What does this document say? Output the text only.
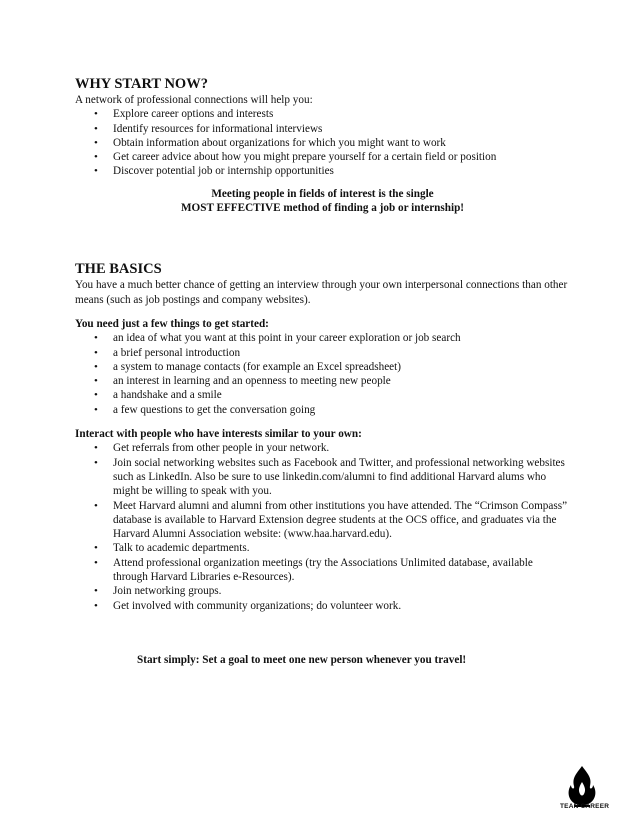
WHY START NOW?

A network of professional connections will help you:

• Explore career options and interests
• Identify resources for informational interviews
• Obtain information about organizations for which you might want to work
• Get career advice about how you might prepare yourself for a certain field or position
• Discover potential job or internship opportunities
Meeting people in fields of interest is the single
MOST EFFECTIVE method of finding a job or internship!
THE BASICS

You have a much better chance of getting an interview through your own interpersonal connections than other means (such as job postings and company websites).

You need just a few things to get started:

• an idea of what you want at this point in your career exploration or job search
• a brief personal introduction
• a system to manage contacts (for example an Excel spreadsheet)
• an interest in learning and an openness to meeting new people
• a handshake and a smile
• a few questions to get the conversation going

Interact with people who have interests similar to your own:

• Get referrals from other people in your network.
• Join social networking websites such as Facebook and Twitter, and professional networking websites such as LinkedIn. Also be sure to use linkedin.com/alumni to find additional Harvard alums who might be willing to speak with you.
• Meet Harvard alumni and alumni from other institutions you have attended. The “Crimson Compass” database is available to Harvard Extension degree students at the OCS office, and graduates via the Harvard Alumni Association website: (www.haa.harvard.edu).
• Talk to academic departments.
• Attend professional organization meetings (try the Associations Unlimited database, available through Harvard Libraries e-Resources).
• Join networking groups.
• Get involved with community organizations; do volunteer work.

Start simply: Set a goal to meet one new person whenever you travel!

TEAN CAREER
